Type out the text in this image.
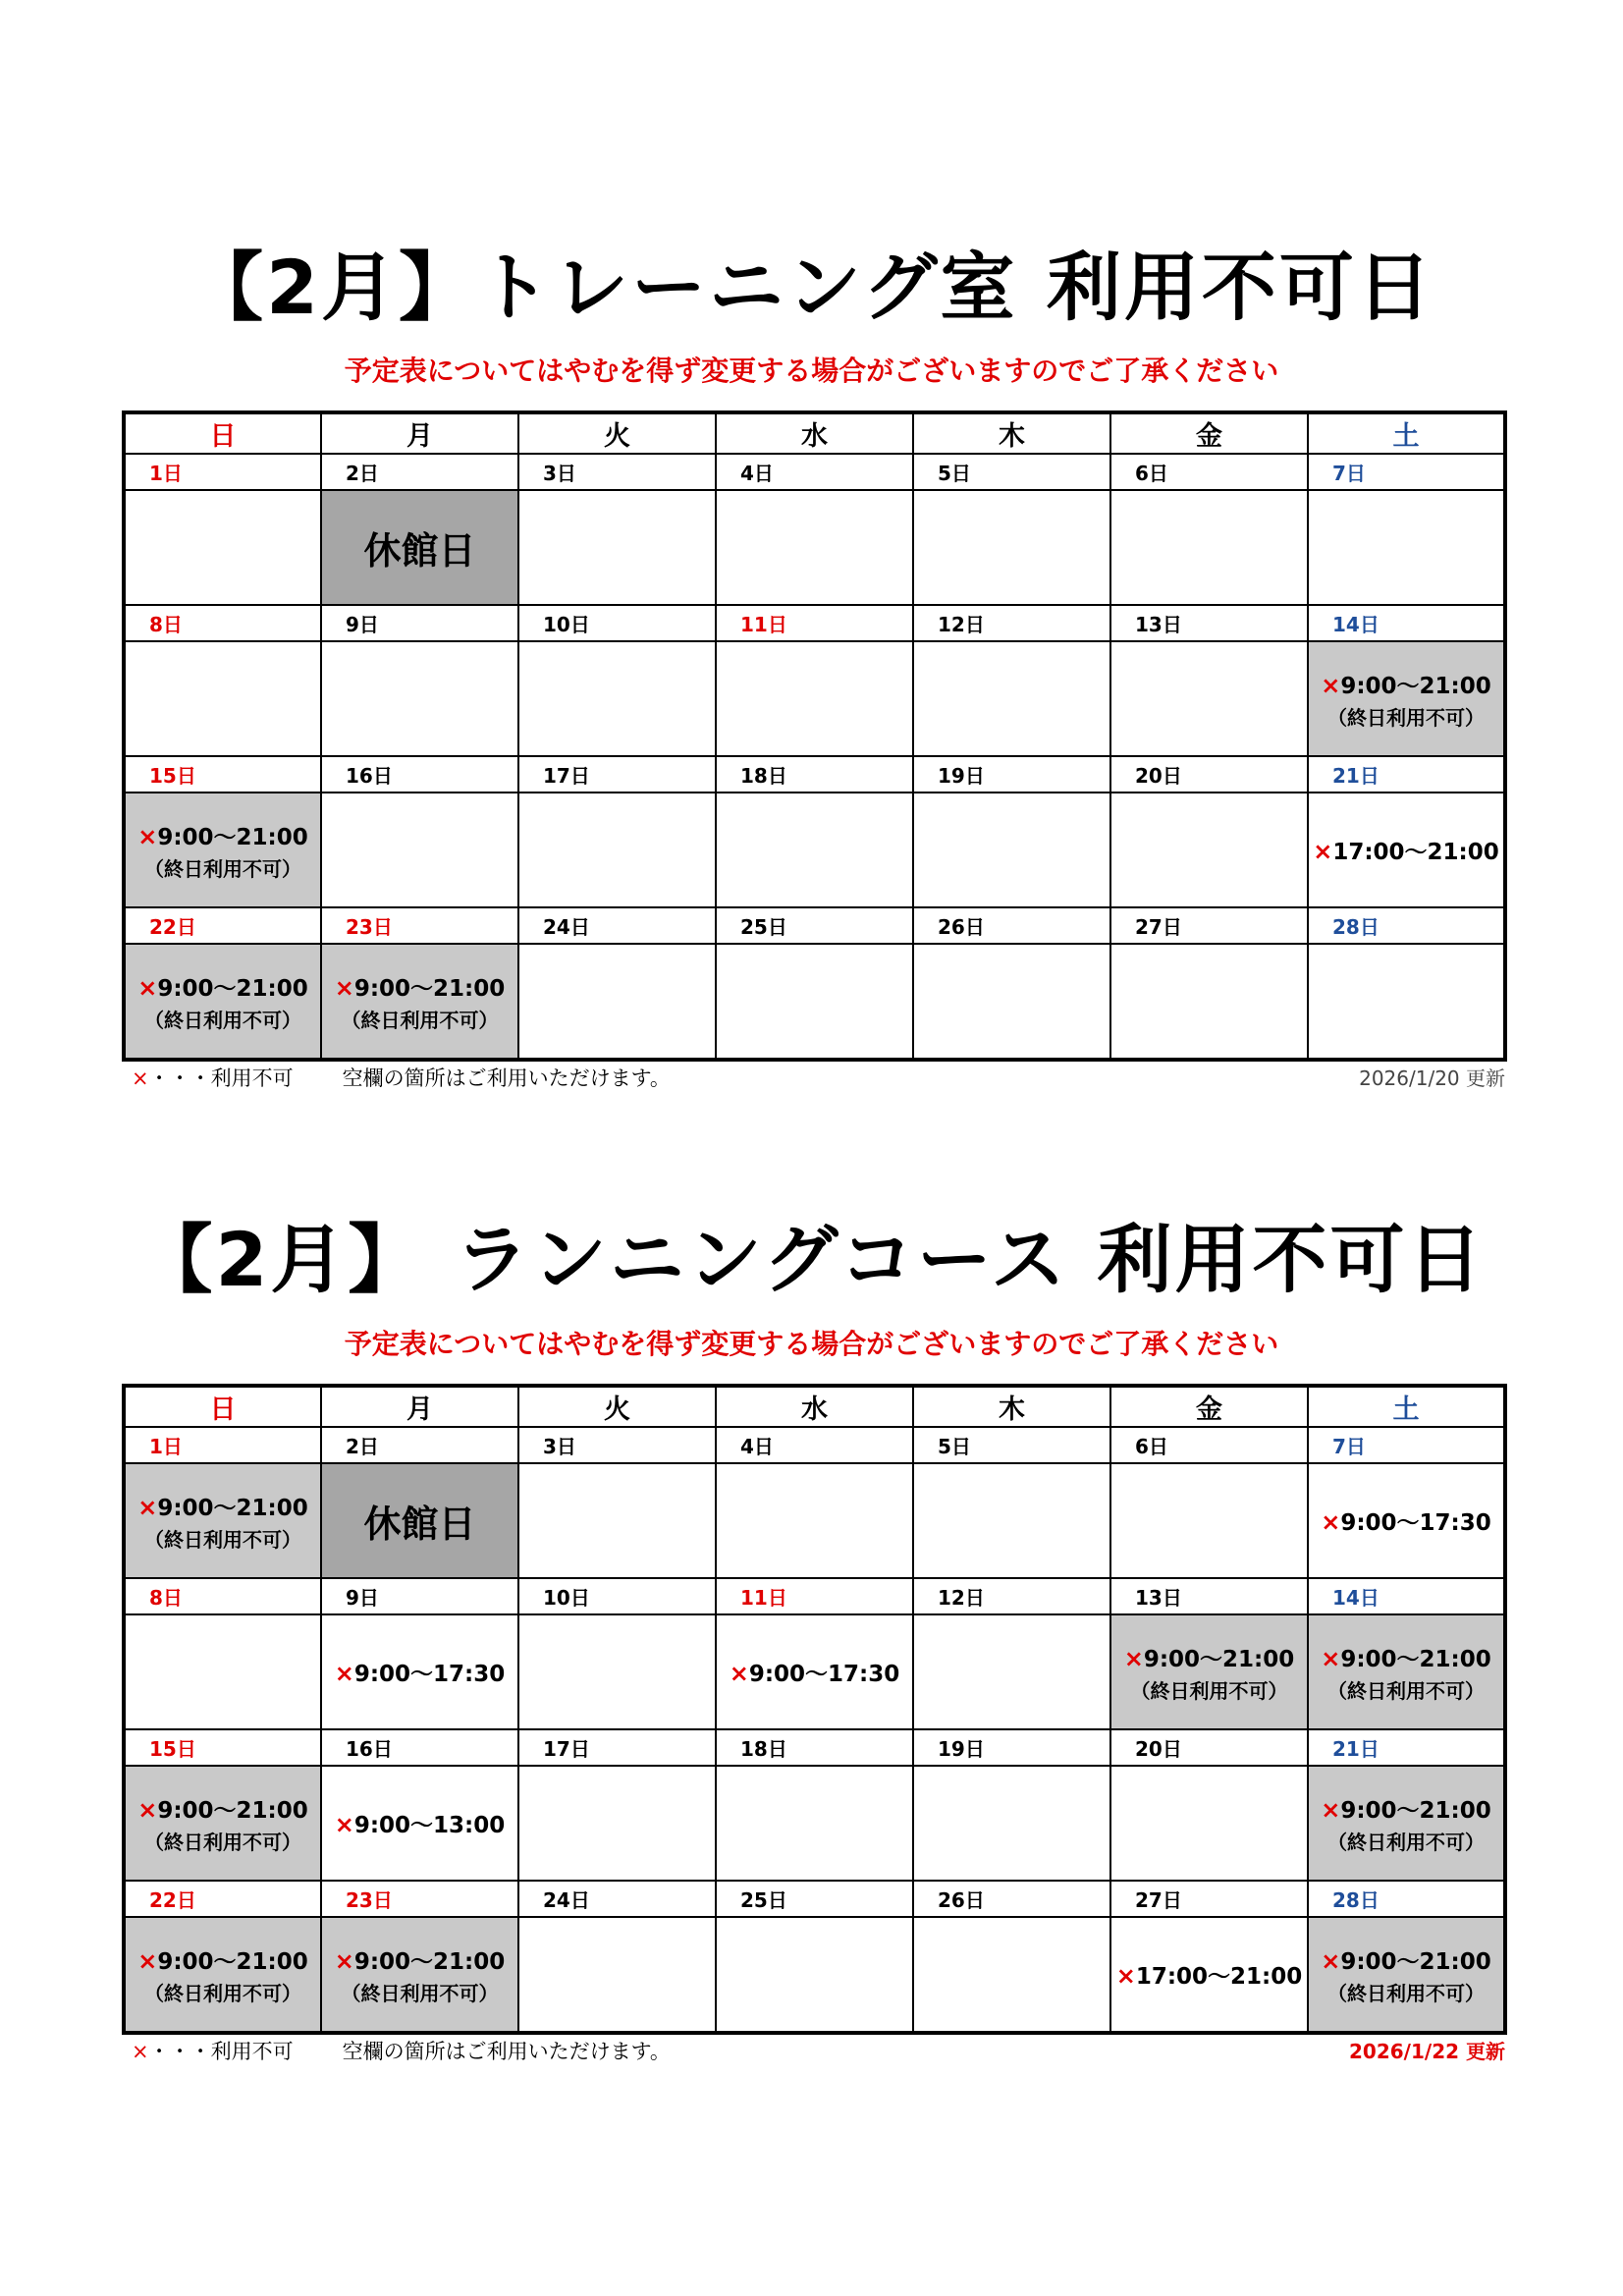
【2月】トレーニング室 利用不可日
予定表についてはやむを得ず変更する場合がございますのでご了承ください
日	月	火	水	木	金	土
1日	2日	3日	4日	5日	6日	7日
	休館日					
8日	9日	10日	11日	12日	13日	14日
						×9:00～21:00
（終日利用不可）

15日	16日	17日	18日	19日	20日	21日
×9:00～21:00
（終日利用不可）						×17:00～21:00
22日	23日	24日	25日	26日	27日	28日
×9:00～21:00
（終日利用不可）	×9:00～21:00
（終日利用不可）					

×・・・利用不可 空欄の箇所はご利用いただけます。	2026/1/20 更新
【2月】 ランニングコース 利用不可日
予定表についてはやむを得ず変更する場合がございますのでご了承ください
日	月	火	水	木	金	土
1日	2日	3日	4日	5日	6日	7日
×9:00～21:00
（終日利用不可）	休館日					×9:00～17:30
8日	9日	10日	11日	12日	13日	14日
	×9:00～17:30		×9:00～17:30		×9:00～21:00
（終日利用不可）	×9:00～21:00
（終日利用不可）

15日	16日	17日	18日	19日	20日	21日
×9:00～21:00
（終日利用不可）	×9:00～13:00					×9:00～21:00
（終日利用不可）

22日	23日	24日	25日	26日	27日	28日
×9:00～21:00
（終日利用不可）	×9:00～21:00
（終日利用不可）				×17:00～21:00	×9:00～21:00
（終日利用不可）
×・・・利用不可 空欄の箇所はご利用いただけます。	2026/1/22 更新
